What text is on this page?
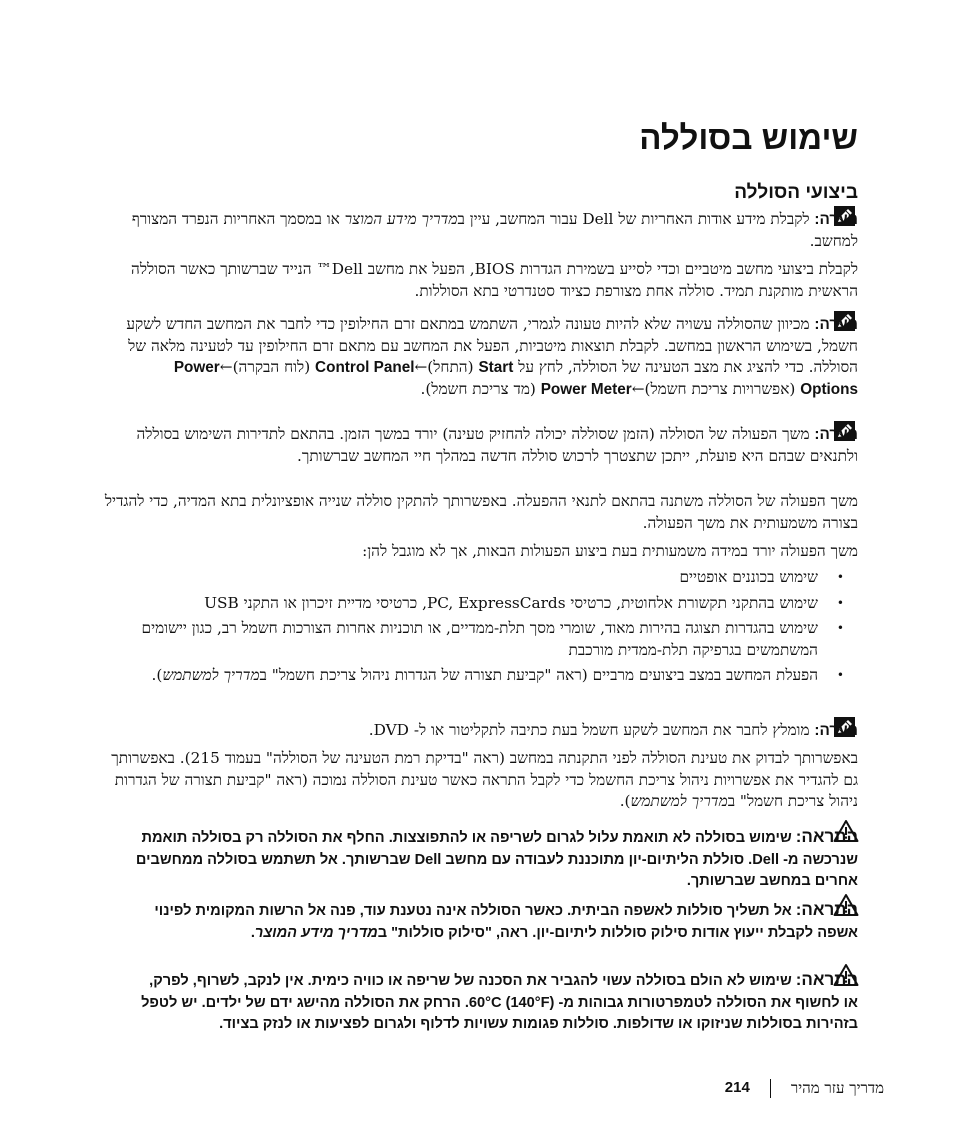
שימוש בסוללה
ביצועי הסוללה
הערה: לקבלת מידע אודות האחריות של Dell עבור המחשב, עיין במדריך מידע המוצר או במסמך האחריות הנפרד המצורף למחשב.
לקבלת ביצועי מחשב מיטביים וכדי לסייע בשמירת הגדרות BIOS, הפעל את מחשב Dell™ הנייד שברשותך כאשר הסוללה הראשית מותקנת תמיד. סוללה אחת מצורפת כציוד סטנדרטי בתא הסוללות.
הערה: מכיוון שהסוללה עשויה שלא להיות טעונה לגמרי, השתמש במתאם זרם החילופין כדי לחבר את המחשב החדש לשקע חשמל, בשימוש הראשון במחשב. לקבלת תוצאות מיטביות, הפעל את המחשב עם מתאם זרם החילופין עד לטעינה מלאה של הסוללה. כדי להציג את מצב הטעינה של הסוללה, לחץ על Start (התחל)←Control Panel (לוח הבקרה)←Power Options (אפשרויות צריכת חשמל)←Power Meter (מד צריכת חשמל).
הערה: משך הפעולה של הסוללה (הזמן שסוללה יכולה להחזיק טעינה) יורד במשך הזמן. בהתאם לתדירות השימוש בסוללה ולתנאים שבהם היא פועלת, ייתכן שתצטרך לרכוש סוללה חדשה במהלך חיי המחשב שברשותך.
משך הפעולה של הסוללה משתנה בהתאם לתנאי ההפעלה. באפשרותך להתקין סוללה שנייה אופציונלית בתא המדיה, כדי להגדיל בצורה משמעותית את משך הפעולה.
משך הפעולה יורד במידה משמעותית בעת ביצוע הפעולות הבאות, אך לא מוגבל להן:
• שימוש בכוננים אופטיים
• שימוש בהתקני תקשורת אלחוטית, כרטיסי PC, ExpressCards, כרטיסי מדיית זיכרון או התקני USB
• שימוש בהגדרות תצוגה בהירות מאוד, שומרי מסך תלת-ממדיים, או תוכניות אחרות הצורכות חשמל רב, כגון יישומים המשתמשים בגרפיקה תלת-ממדית מורכבת
• הפעלת המחשב במצב ביצועים מרביים (ראה "קביעת תצורה של הגדרות ניהול צריכת חשמל" במדריך למשתמש).
הערה: מומלץ לחבר את המחשב לשקע חשמל בעת כתיבה לתקליטור או ל- DVD.
באפשרותך לבדוק את טעינת הסוללה לפני התקנתה במחשב (ראה "בדיקת רמת הטעינה של הסוללה" בעמוד 215). באפשרותך גם להגדיר את אפשרויות ניהול צריכת החשמל כדי לקבל התראה כאשר טעינת הסוללה נמוכה (ראה "קביעת תצורה של הגדרות ניהול צריכת חשמל" במדריך למשתמש).
התראה: שימוש בסוללה לא תואמת עלול לגרום לשריפה או להתפוצצות. החלף את הסוללה רק בסוללה תואמת שנרכשה מ- Dell. סוללת הליתיום-יון מתוכננת לעבודה עם מחשב Dell שברשותך. אל תשתמש בסוללה ממחשבים אחרים במחשב שברשותך.
התראה: אל תשליך סוללות לאשפה הביתית. כאשר הסוללה אינה נטענת עוד, פנה אל הרשות המקומית לפינוי אשפה לקבלת ייעוץ אודות סילוק סוללות ליתיום-יון. ראה, "סילוק סוללות" במדריך מידע המוצר.
התראה: שימוש לא הולם בסוללה עשוי להגביר את הסכנה של שריפה או כוויה כימית. אין לנקב, לשרוף, לפרק, או לחשוף את הסוללה לטמפרטורות גבוהות מ- 60°C (140°F). הרחק את הסוללה מהישג ידם של ילדים. יש לטפל בזהירות בסוללות שניזוקו או שדולפות. סוללות פגומות עשויות לדלוף ולגרום לפציעות או לנזק בציוד.
מדריך עזר מהיר
214
